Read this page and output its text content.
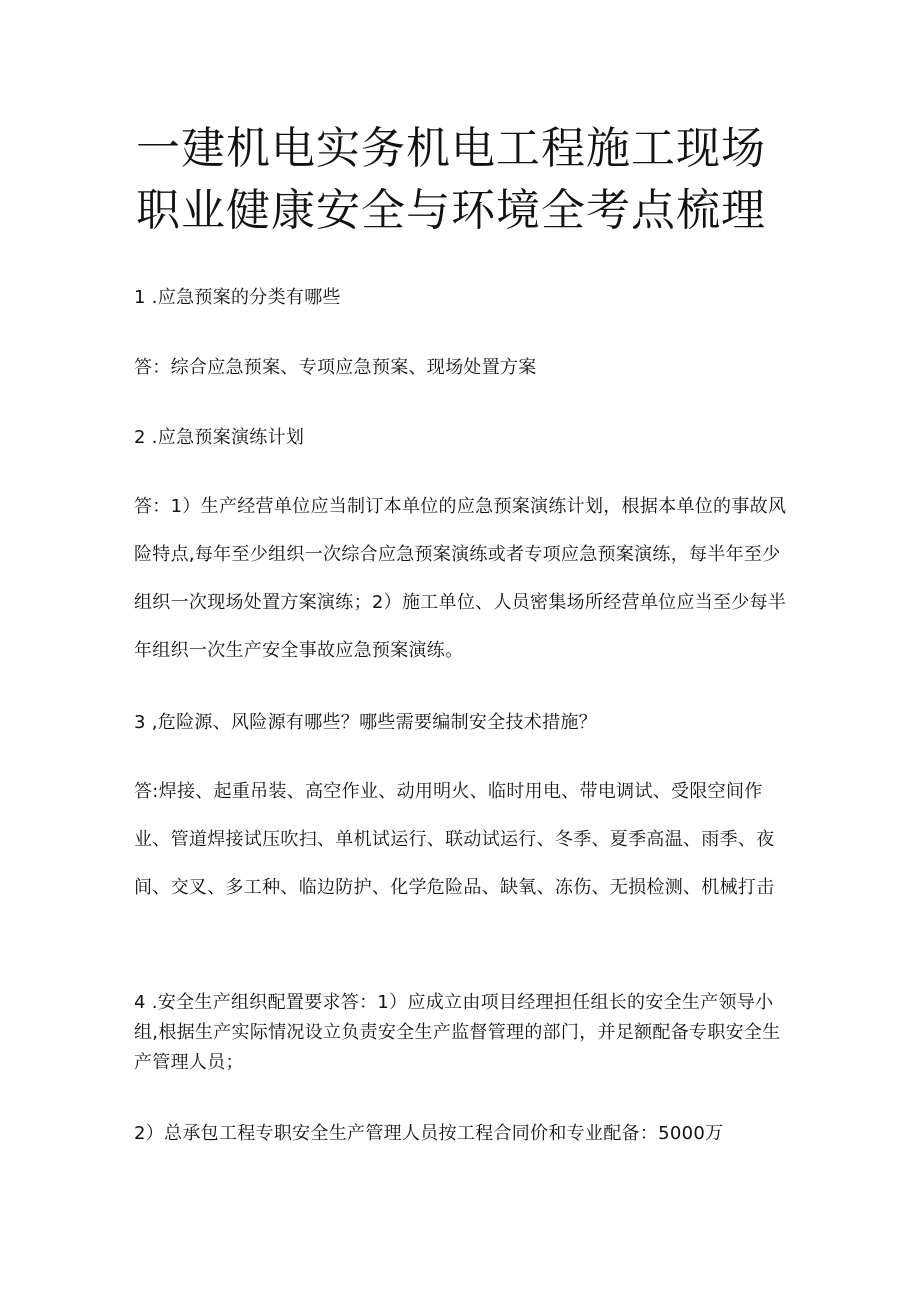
一建机电实务机电工程施工现场职业健康安全与环境全考点梳理

1 .应急预案的分类有哪些

答：综合应急预案、专项应急预案、现场处置方案

2 .应急预案演练计划

答：1）生产经营单位应当制订本单位的应急预案演练计划，根据本单位的事故风险特点,每年至少组织一次综合应急预案演练或者专项应急预案演练，每半年至少组织一次现场处置方案演练；2）施工单位、人员密集场所经营单位应当至少每半年组织一次生产安全事故应急预案演练。

3 ,危险源、风险源有哪些？哪些需要编制安全技术措施？

答:焊接、起重吊装、高空作业、动用明火、临时用电、带电调试、受限空间作业、管道焊接试压吹扫、单机试运行、联动试运行、冬季、夏季高温、雨季、夜间、交叉、多工种、临边防护、化学危险品、缺氧、冻伤、无损检测、机械打击

4 .安全生产组织配置要求答：1）应成立由项目经理担任组长的安全生产领导小组,根据生产实际情况设立负责安全生产监督管理的部门，并足额配备专职安全生产管理人员；

2）总承包工程专职安全生产管理人员按工程合同价和专业配备：5000万
